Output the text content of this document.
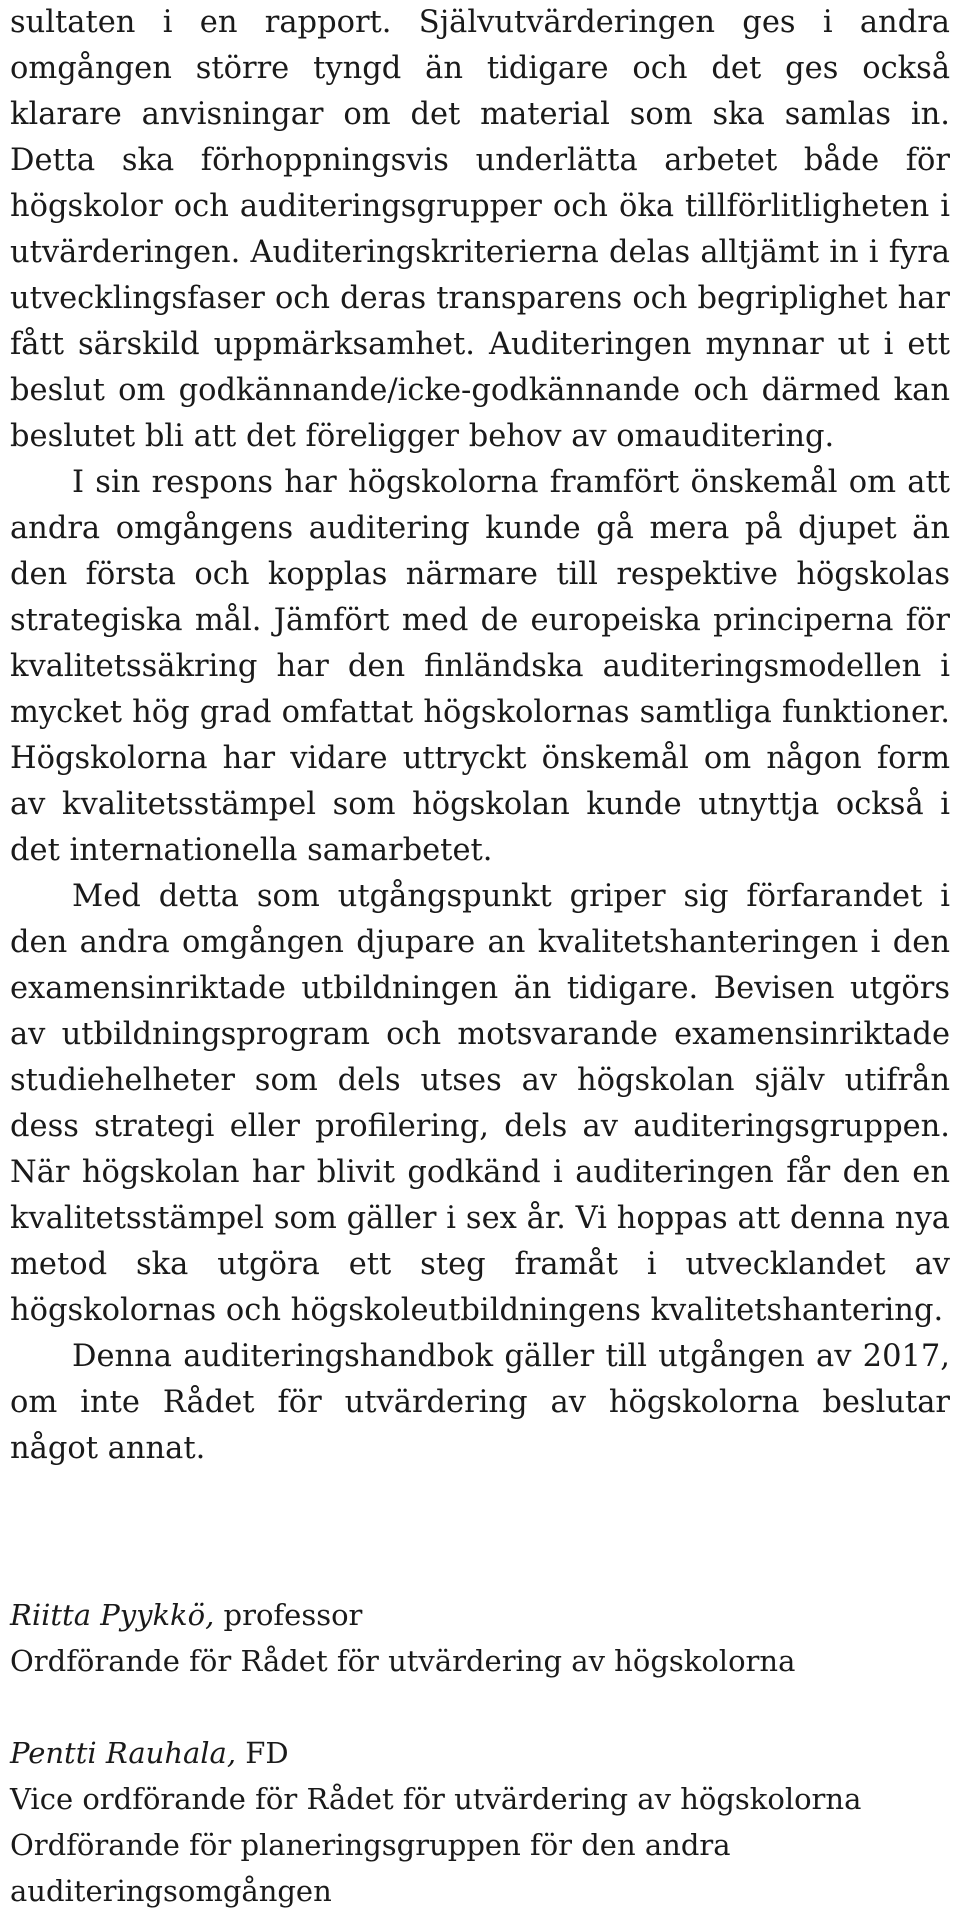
sultaten i en rapport. Självutvärderingen ges i andra omgången större tyngd än tidigare och det ges också klarare anvisningar om det material som ska samlas in. Detta ska förhoppningsvis underlätta arbetet både för högskolor och auditeringsgrupper och öka tillförlitligheten i utvärderingen. Auditeringskriterierna delas alltjämt in i fyra utvecklingsfaser och deras transparens och begriplighet har fått särskild uppmärksamhet. Auditeringen mynnar ut i ett beslut om godkännande/icke-godkännande och därmed kan beslutet bli att det föreligger behov av omauditering.

I sin respons har högskolorna framfört önskemål om att andra omgångens auditering kunde gå mera på djupet än den första och kopplas närmare till respektive högskolas strategiska mål. Jämfört med de europeiska principerna för kvalitetssäkring har den finländska auditeringsmodellen i mycket hög grad omfattat högskolornas samtliga funktioner. Högskolorna har vidare uttryckt önskemål om någon form av kvalitetsstämpel som högskolan kunde utnyttja också i det internationella samarbetet.

Med detta som utgångspunkt griper sig förfarandet i den andra omgången djupare an kvalitetshanteringen i den examensinriktade utbildningen än tidigare. Bevisen utgörs av utbildningsprogram och motsvarande examensinriktade studiehelheter som dels utses av högskolan själv utifrån dess strategi eller profilering, dels av auditeringsgruppen. När högskolan har blivit godkänd i auditeringen får den en kvalitetsstämpel som gäller i sex år. Vi hoppas att denna nya metod ska utgöra ett steg framåt i utvecklandet av högskolornas och högskoleutbildningens kvalitetshantering.

Denna auditeringshandbok gäller till utgången av 2017, om inte Rådet för utvärdering av högskolorna beslutar något annat.

Riitta Pyykkö, professor
Ordförande för Rådet för utvärdering av högskolorna
Pentti Rauhala, FD
Vice ordförande för Rådet för utvärdering av högskolorna
Ordförande för planeringsgruppen för den andra auditeringsomgången
